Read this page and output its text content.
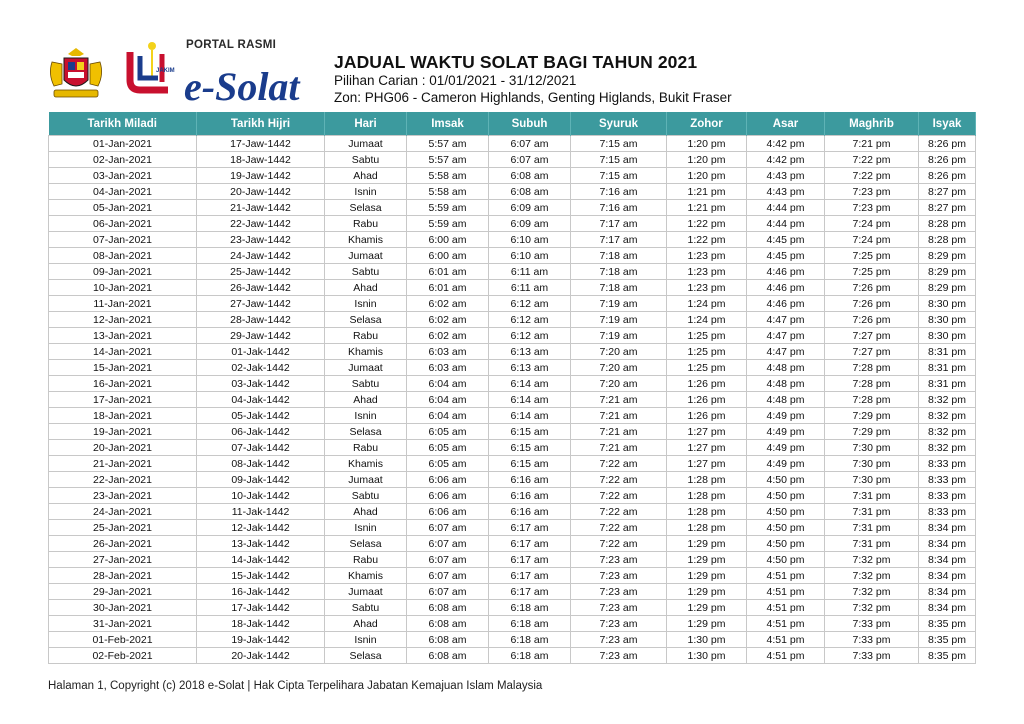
JAKIM
PORTAL RASMI
e-Solat
JADUAL WAKTU SOLAT BAGI TAHUN 2021
Pilihan Carian : 01/01/2021 - 31/12/2021
Zon: PHG06 - Cameron Highlands, Genting Higlands, Bukit Fraser
Tarikh Miladi	Tarikh Hijri	Hari	Imsak	Subuh	Syuruk	Zohor	Asar	Maghrib	Isyak
01-Jan-2021	17-Jaw-1442	Jumaat	5:57 am	6:07 am	7:15 am	1:20 pm	4:42 pm	7:21 pm	8:26 pm
02-Jan-2021	18-Jaw-1442	Sabtu	5:57 am	6:07 am	7:15 am	1:20 pm	4:42 pm	7:22 pm	8:26 pm
03-Jan-2021	19-Jaw-1442	Ahad	5:58 am	6:08 am	7:15 am	1:20 pm	4:43 pm	7:22 pm	8:26 pm
04-Jan-2021	20-Jaw-1442	Isnin	5:58 am	6:08 am	7:16 am	1:21 pm	4:43 pm	7:23 pm	8:27 pm
05-Jan-2021	21-Jaw-1442	Selasa	5:59 am	6:09 am	7:16 am	1:21 pm	4:44 pm	7:23 pm	8:27 pm
06-Jan-2021	22-Jaw-1442	Rabu	5:59 am	6:09 am	7:17 am	1:22 pm	4:44 pm	7:24 pm	8:28 pm
07-Jan-2021	23-Jaw-1442	Khamis	6:00 am	6:10 am	7:17 am	1:22 pm	4:45 pm	7:24 pm	8:28 pm
08-Jan-2021	24-Jaw-1442	Jumaat	6:00 am	6:10 am	7:18 am	1:23 pm	4:45 pm	7:25 pm	8:29 pm
09-Jan-2021	25-Jaw-1442	Sabtu	6:01 am	6:11 am	7:18 am	1:23 pm	4:46 pm	7:25 pm	8:29 pm
10-Jan-2021	26-Jaw-1442	Ahad	6:01 am	6:11 am	7:18 am	1:23 pm	4:46 pm	7:26 pm	8:29 pm
11-Jan-2021	27-Jaw-1442	Isnin	6:02 am	6:12 am	7:19 am	1:24 pm	4:46 pm	7:26 pm	8:30 pm
12-Jan-2021	28-Jaw-1442	Selasa	6:02 am	6:12 am	7:19 am	1:24 pm	4:47 pm	7:26 pm	8:30 pm
13-Jan-2021	29-Jaw-1442	Rabu	6:02 am	6:12 am	7:19 am	1:25 pm	4:47 pm	7:27 pm	8:30 pm
14-Jan-2021	01-Jak-1442	Khamis	6:03 am	6:13 am	7:20 am	1:25 pm	4:47 pm	7:27 pm	8:31 pm
15-Jan-2021	02-Jak-1442	Jumaat	6:03 am	6:13 am	7:20 am	1:25 pm	4:48 pm	7:28 pm	8:31 pm
16-Jan-2021	03-Jak-1442	Sabtu	6:04 am	6:14 am	7:20 am	1:26 pm	4:48 pm	7:28 pm	8:31 pm
17-Jan-2021	04-Jak-1442	Ahad	6:04 am	6:14 am	7:21 am	1:26 pm	4:48 pm	7:28 pm	8:32 pm
18-Jan-2021	05-Jak-1442	Isnin	6:04 am	6:14 am	7:21 am	1:26 pm	4:49 pm	7:29 pm	8:32 pm
19-Jan-2021	06-Jak-1442	Selasa	6:05 am	6:15 am	7:21 am	1:27 pm	4:49 pm	7:29 pm	8:32 pm
20-Jan-2021	07-Jak-1442	Rabu	6:05 am	6:15 am	7:21 am	1:27 pm	4:49 pm	7:30 pm	8:32 pm
21-Jan-2021	08-Jak-1442	Khamis	6:05 am	6:15 am	7:22 am	1:27 pm	4:49 pm	7:30 pm	8:33 pm
22-Jan-2021	09-Jak-1442	Jumaat	6:06 am	6:16 am	7:22 am	1:28 pm	4:50 pm	7:30 pm	8:33 pm
23-Jan-2021	10-Jak-1442	Sabtu	6:06 am	6:16 am	7:22 am	1:28 pm	4:50 pm	7:31 pm	8:33 pm
24-Jan-2021	11-Jak-1442	Ahad	6:06 am	6:16 am	7:22 am	1:28 pm	4:50 pm	7:31 pm	8:33 pm
25-Jan-2021	12-Jak-1442	Isnin	6:07 am	6:17 am	7:22 am	1:28 pm	4:50 pm	7:31 pm	8:34 pm
26-Jan-2021	13-Jak-1442	Selasa	6:07 am	6:17 am	7:22 am	1:29 pm	4:50 pm	7:31 pm	8:34 pm
27-Jan-2021	14-Jak-1442	Rabu	6:07 am	6:17 am	7:23 am	1:29 pm	4:50 pm	7:32 pm	8:34 pm
28-Jan-2021	15-Jak-1442	Khamis	6:07 am	6:17 am	7:23 am	1:29 pm	4:51 pm	7:32 pm	8:34 pm
29-Jan-2021	16-Jak-1442	Jumaat	6:07 am	6:17 am	7:23 am	1:29 pm	4:51 pm	7:32 pm	8:34 pm
30-Jan-2021	17-Jak-1442	Sabtu	6:08 am	6:18 am	7:23 am	1:29 pm	4:51 pm	7:32 pm	8:34 pm
31-Jan-2021	18-Jak-1442	Ahad	6:08 am	6:18 am	7:23 am	1:29 pm	4:51 pm	7:33 pm	8:35 pm
01-Feb-2021	19-Jak-1442	Isnin	6:08 am	6:18 am	7:23 am	1:30 pm	4:51 pm	7:33 pm	8:35 pm
02-Feb-2021	20-Jak-1442	Selasa	6:08 am	6:18 am	7:23 am	1:30 pm	4:51 pm	7:33 pm	8:35 pm
Halaman 1, Copyright (c) 2018 e-Solat | Hak Cipta Terpelihara Jabatan Kemajuan Islam Malaysia
